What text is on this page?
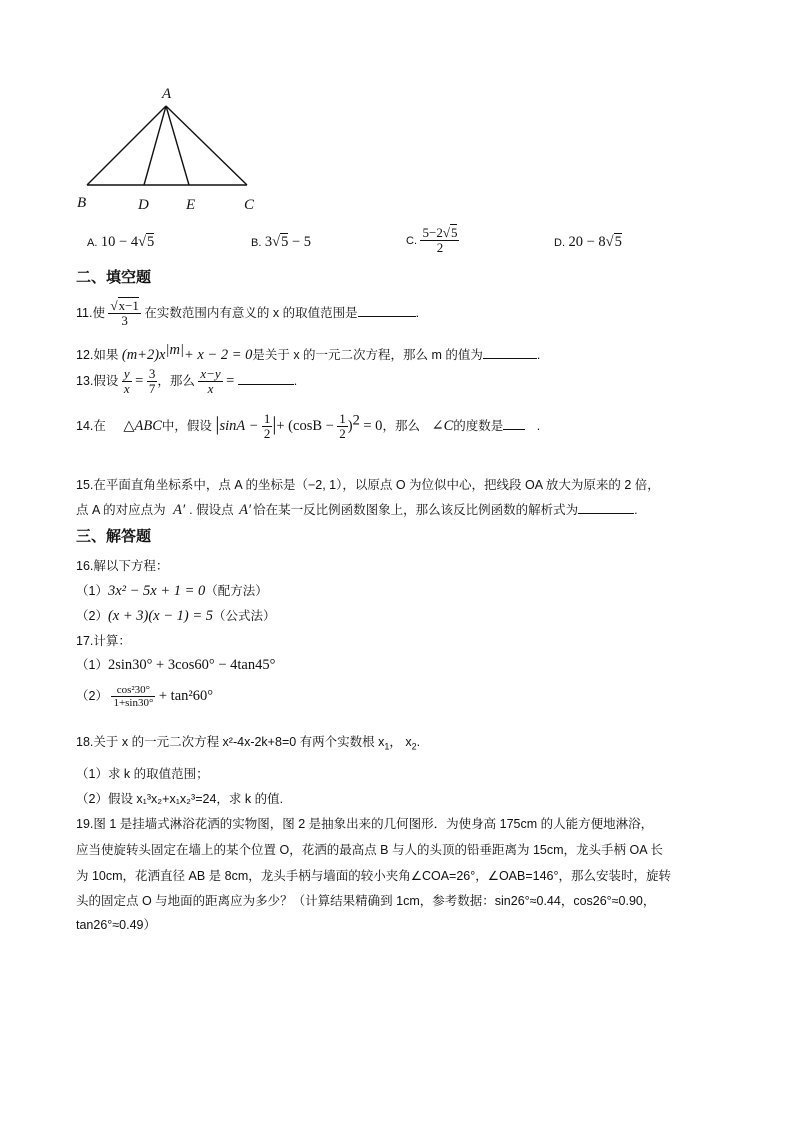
A
B	D E	C
A. 10 − 4√5	B. 3√5 − 5	C. $\frac{5-2√5}{2}$	D. 20 − 8√5
二、填空题
11.使 $\frac{√x-1}{3}$ 在实数范围内有意义的 x 的取值范围是	.
12.如果 $(m+2)x^{|m|}+ x - 2 = 0$是关于 x 的一元二次方程，那么 m 的值为	.
13.假设 $\frac{y}{x} = \frac{3}{7}$ ，那么 $\frac{x-y}{x}$ =	.
14.在 △ABC中，假设 $|\sin A - \frac{1}{2}$ |+ $(\cos B - \frac{1}{2} )^2 = 0$，那么 ∠C的度数是	.
15.在平面直角坐标系中，点 A 的坐标是（−2, 1），以原点 O 为位似中心，把线段 OA 放大为原来的 2 倍，
点 A 的对应点为 A′ . 假设点 A′ 恰在某一反比例函数图象上，那么该反比例函数的解析式为	.
三、解答题
16.解以下方程：
（1）3x² − 5x + 1 = 0（配方法）
（2）(x + 3)(x − 1) = 5（公式法）
17.计算：
（1）2sin30° + 3cos60° − 4tan45°
$(2) \frac{\text{cos²30°}}{1+\sin 30^\circ} + \tan^260^\circ$
18.关于 x 的一元二次方程 x²-4x-2k+8=0 有两个实数根 $x_1$， $x_2$.
（1）求 k 的取值范围；
（2）假设 x₁³x₂+x₁x₂³=24，求 k 的值.
19.图 1 是挂墙式淋浴花洒的实物图，图 2 是抽象出来的几何图形．为使身高 175cm 的人能方便地淋浴，
应当使旋转头固定在墙上的某个位置 O，花洒的最高点 B 与人的头顶的铅垂距离为 15cm，龙头手柄 OA 长
为 10cm，花洒直径 AB 是 8cm，龙头手柄与墙面的较小夹角∠COA=26°，∠OAB=146°，那么安装时，旋转
头的固定点 O 与地面的距离应为多少？（计算结果精确到 1cm，参考数据：sin26°≈0.44，cos26°≈0.90，
tan26°≈0.49）
